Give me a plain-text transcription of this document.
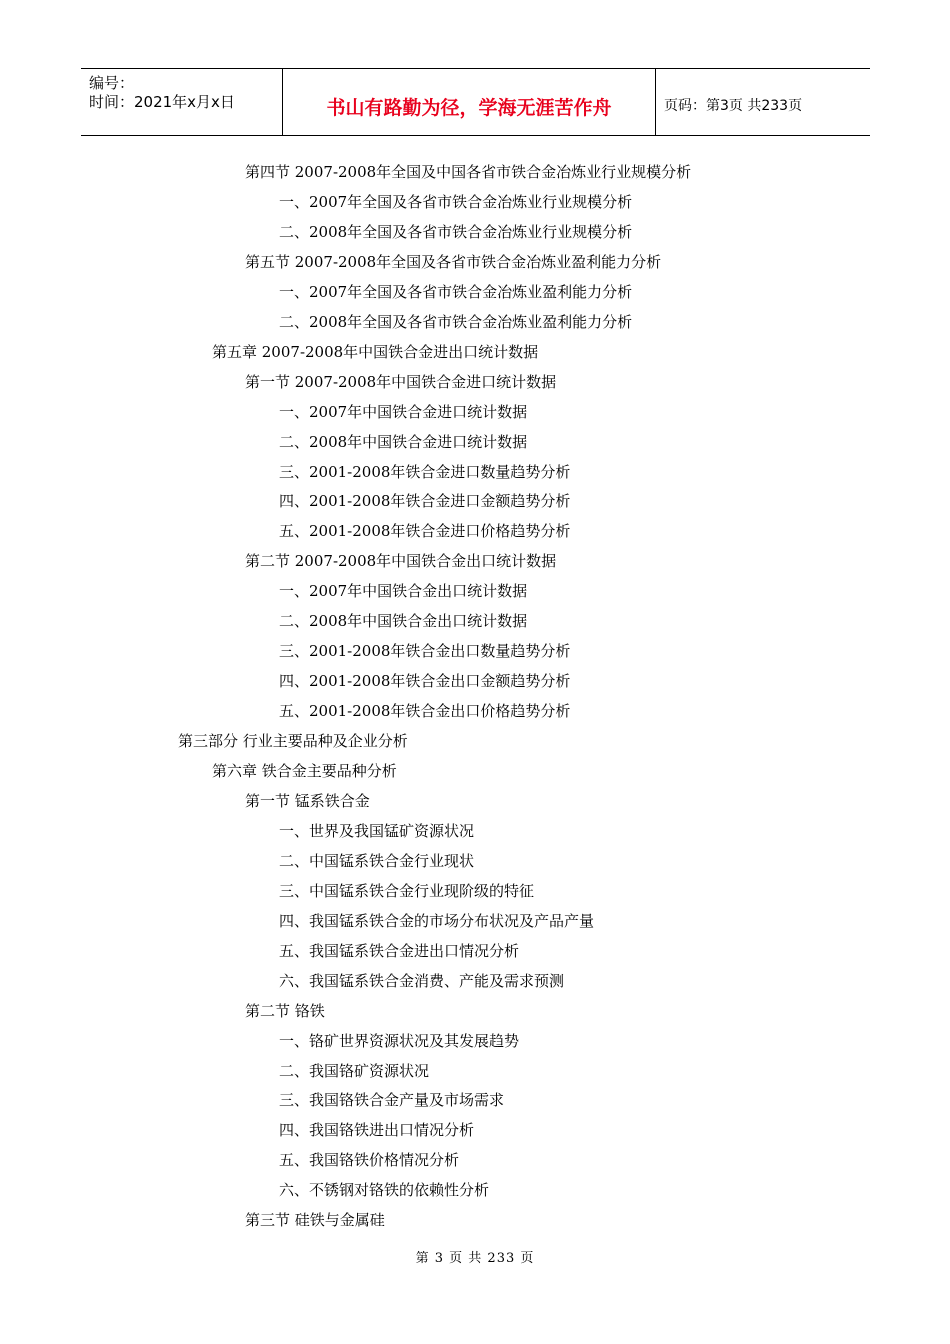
编号：
时间：2021年x月x日	书山有路勤为径，学海无涯苦作舟	页码：第3页 共233页
第四节 2007-2008年全国及中国各省市铁合金冶炼业行业规模分析
一、2007年全国及各省市铁合金冶炼业行业规模分析
二、2008年全国及各省市铁合金冶炼业行业规模分析
第五节 2007-2008年全国及各省市铁合金冶炼业盈利能力分析
一、2007年全国及各省市铁合金冶炼业盈利能力分析
二、2008年全国及各省市铁合金冶炼业盈利能力分析
第五章 2007-2008年中国铁合金进出口统计数据
第一节 2007-2008年中国铁合金进口统计数据
一、2007年中国铁合金进口统计数据
二、2008年中国铁合金进口统计数据
三、2001-2008年铁合金进口数量趋势分析
四、2001-2008年铁合金进口金额趋势分析
五、2001-2008年铁合金进口价格趋势分析
第二节 2007-2008年中国铁合金出口统计数据
一、2007年中国铁合金出口统计数据
二、2008年中国铁合金出口统计数据
三、2001-2008年铁合金出口数量趋势分析
四、2001-2008年铁合金出口金额趋势分析
五、2001-2008年铁合金出口价格趋势分析
第三部分 行业主要品种及企业分析
第六章 铁合金主要品种分析
第一节 锰系铁合金
一、世界及我国锰矿资源状况
二、中国锰系铁合金行业现状
三、中国锰系铁合金行业现阶级的特征
四、我国锰系铁合金的市场分布状况及产品产量
五、我国锰系铁合金进出口情况分析
六、我国锰系铁合金消费、产能及需求预测
第二节 铬铁
一、铬矿世界资源状况及其发展趋势
二、我国铬矿资源状况
三、我国铬铁合金产量及市场需求
四、我国铬铁进出口情况分析
五、我国铬铁价格情况分析
六、不锈钢对铬铁的依赖性分析
第三节 硅铁与金属硅
第 3 页 共 233 页
